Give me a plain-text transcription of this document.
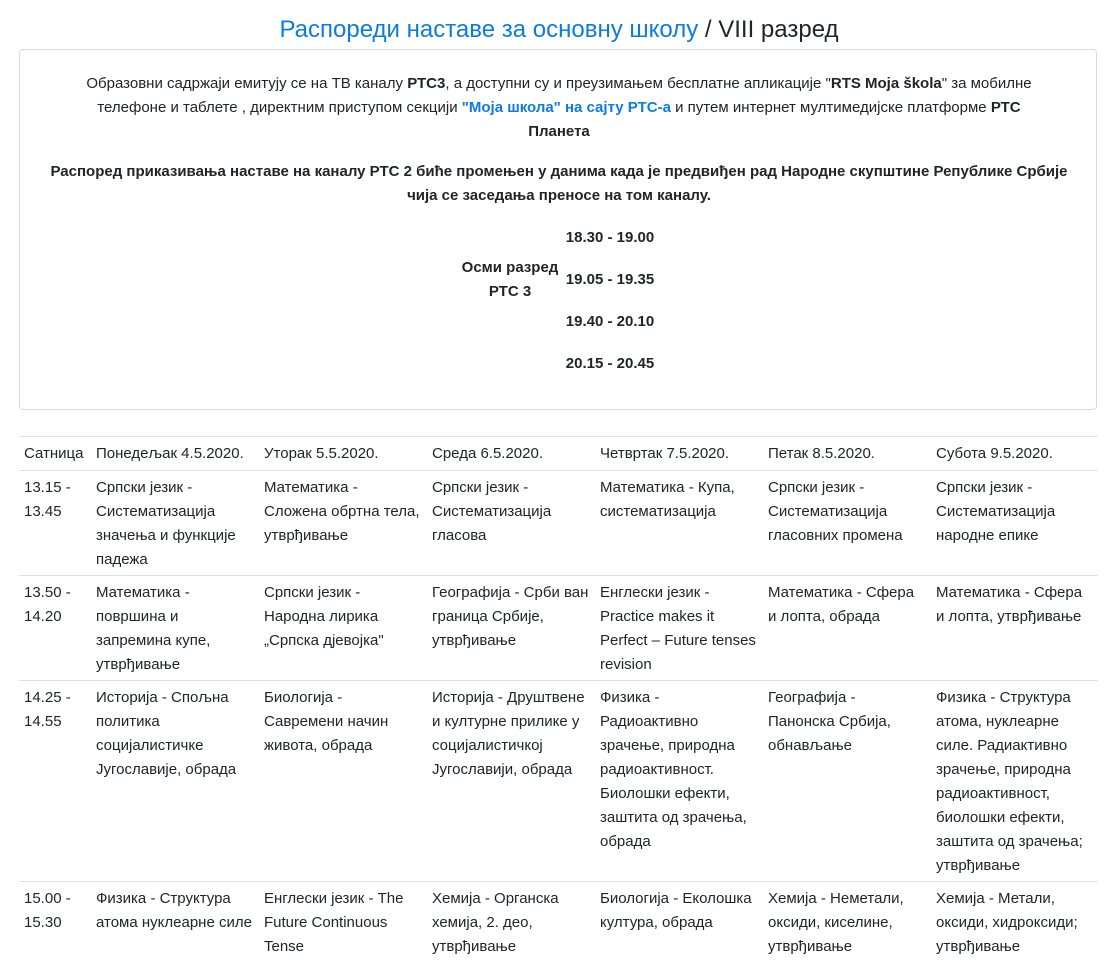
Распореди наставе за основну школу / VIII разред
Образовни садржаји емитују се на ТВ каналу РТС3, а доступни су и преузимањем бесплатне апликације "RTS Moja škola" за мобилне телефоне и таблете , директним приступом секцији "Моја школа" на сајту РТС-а и путем интернет мултимедијске платформе РТС Планета
Распоред приказивања наставе на каналу РТС 2 биће промењен у данима када је предвиђен рад Народне скупштине Републике Србије чија се заседања преносе на том каналу.
Осми разред
РТС 3
18.30 - 19.00
19.05 - 19.35
19.40 - 20.10
20.15 - 20.45
Сатница	Понедељак 4.5.2020.	Уторак 5.5.2020.	Среда 6.5.2020.	Четвртак 7.5.2020.	Петак 8.5.2020.	Субота 9.5.2020.
13.15 - 13.45	Српски језик - Систематизација значења и функције падежа	Математика - Сложена обртна тела, утврђивање	Српски језик - Систематизација гласова	Математика - Купа, систематизација	Српски језик - Систематизација гласовних промена	Српски језик - Систематизација народне епике
13.50 - 14.20	Математика - површина и запремина купе, утврђивање	Српски језик - Народна лирика „Српска дјевојка"	Географија - Срби ван граница Србије, утврђивање	Енглески језик - Practice makes it Perfect – Future tenses revision	Математика - Сфера и лопта, обрада	Математика - Сфера и лопта, утврђивање
14.25 - 14.55	Историја - Спољна политика социјалистичке Југославије, обрада	Биологија - Савремени начин живота, обрада	Историја - Друштвене и културне прилике у социјалистичкој Југославији, обрада	Физика - Радиоактивно зрачење, природна радиоактивност. Биолошки ефекти, заштита од зрачења, обрада	Географија - Панонска Србија, обнављање	Физика - Структура атома, нуклеарне силе. Радиактивно зрачење, природна радиоактивност, биолошки ефекти, заштита од зрачења; утврђивање
15.00 - 15.30	Физика - Структура атома нуклеарне силе	Енглески језик - The Future Continuous Tense	Хемија - Органска хемија, 2. део, утврђивање	Биологија - Еколошка култура, обрада	Хемија - Неметали, оксиди, киселине, утврђивање	Хемија - Метали, оксиди, хидроксиди; утврђивање
